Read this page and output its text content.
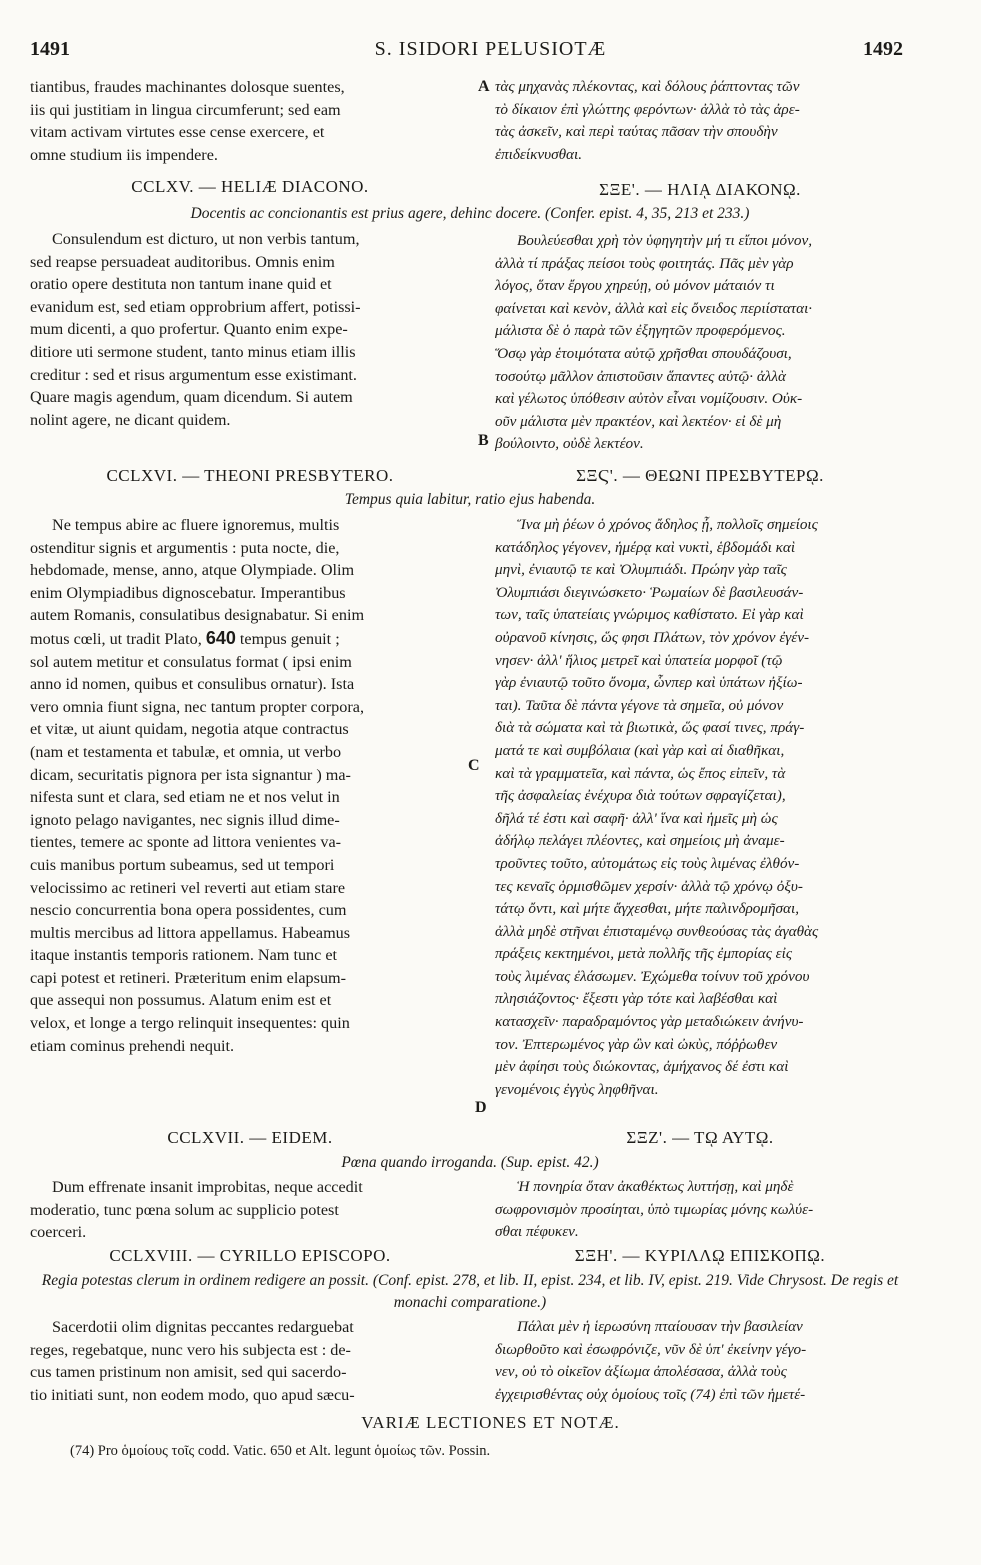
1491	S. ISIDORI PELUSIOTÆ	1492

tiantibus, fraudes machinantes dolosque suentes,

iis qui justitiam in lingua circumferunt; sed eam

vitam activam virtutes esse cense exercere, et

omne studium iis impendere.

A τὰς μηχανὰς πλέκοντας, καὶ δόλους ῥάπτοντας τῶν

τὸ δίκαιον ἐπὶ γλώττης φερόντων· ἀλλὰ τὸ τὰς ἀρε-

τὰς ἀσκεῖν, καὶ περὶ ταύτας πᾶσαν τὴν σπουδὴν

ἐπιδείκνυσθαι.

CCLXV. — HELIÆ DIACONO.	ΣΞΕ'. — ΗΛΙᾼ ΔΙΑΚΟΝῼ.
Docentis ac concionantis est prius agere, dehinc docere. (Confer. epist. 4, 35, 213 et 233.)

Consulendum est dicturo, ut non verbis tantum,

sed reapse persuadeat auditoribus. Omnis enim

oratio opere destituta non tantum inane quid et

evanidum est, sed etiam opprobrium affert, potissi-

mum dicenti, a quo profertur. Quanto enim expe-

ditiore uti sermone student, tanto minus etiam illis

creditur : sed et risus argumentum esse existimant.

Quare magis agendum, quam dicendum. Si autem

nolint agere, ne dicant quidem.

B

Βουλεύεσθαι χρὴ τὸν ὑφηγητὴν μή τι εἴποι μόνον,

ἀλλὰ τί πράξας πείσοι τοὺς φοιτητάς. Πᾶς μὲν γὰρ

λόγος, ὅταν ἔργου χηρεύῃ, οὐ μόνον μάταιόν τι

φαίνεται καὶ κενὸν, ἀλλὰ καὶ εἰς ὄνειδος περιίσταται·

μάλιστα δὲ ὁ παρὰ τῶν ἐξηγητῶν προφερόμενος.

Ὅσῳ γὰρ ἑτοιμότατα αὐτῷ χρῆσθαι σπουδάζουσι,

τοσούτῳ μᾶλλον ἀπιστοῦσιν ἅπαντες αὐτῷ· ἀλλὰ

καὶ γέλωτος ὑπόθεσιν αὐτὸν εἶναι νομίζουσιν. Οὐκ-

οῦν μάλιστα μὲν πρακτέον, καὶ λεκτέον· εἰ δὲ μὴ

βούλοιντο, οὐδὲ λεκτέον.

CCLXVI. — THEONI PRESBYTERO.	ΣΞϚ'. — ΘΕΩΝΙ ΠΡΕΣΒΥΤΕΡῼ.
Tempus quia labitur, ratio ejus habenda.

Ne tempus abire ac fluere ignoremus, multis

ostenditur signis et argumentis : puta nocte, die,

hebdomade, mense, anno, atque Olympiade. Olim

enim Olympiadibus dignoscebatur. Imperantibus

autem Romanis, consulatibus designabatur. Si enim

motus cœli, ut tradit Plato, 640 tempus genuit ;

sol autem metitur et consulatus format ( ipsi enim

anno id nomen, quibus et consulibus ornatur). Ista

vero omnia fiunt signa, nec tantum propter corpora,

et vitæ, ut aiunt quidam, negotia atque contractus

(nam et testamenta et tabulæ, et omnia, ut verbo

dicam, securitatis pignora per ista signantur ) ma-

nifesta sunt et clara, sed etiam ne et nos velut in

ignoto pelago navigantes, nec signis illud dime-

tientes, temere ac sponte ad littora venientes va-

cuis manibus portum subeamus, sed ut tempori

velocissimo ac retineri vel reverti aut etiam stare

nescio concurrentia bona opera possidentes, cum

multis mercibus ad littora appellamus. Habeamus

itaque instantis temporis rationem. Nam tunc et

capi potest et retineri. Præteritum enim elapsum-

que assequi non possumus. Alatum enim est et

velox, et longe a tergo relinquit insequentes: quin

etiam cominus prehendi nequit.

C
D

Ἵνα μὴ ῥέων ὁ χρόνος ἄδηλος ᾖ, πολλοῖς σημείοις

κατάδηλος γέγονεν, ἡμέρᾳ καὶ νυκτὶ, ἑβδομάδι καὶ

μηνὶ, ἐνιαυτῷ τε καὶ Ὀλυμπιάδι. Πρώην γὰρ ταῖς

Ὀλυμπιάσι διεγινώσκετο· Ῥωμαίων δὲ βασιλευσάν-

των, ταῖς ὑπατείαις γνώριμος καθίστατο. Εἰ γὰρ καὶ

οὐρανοῦ κίνησις, ὥς φησι Πλάτων, τὸν χρόνον ἐγέν-

νησεν· ἀλλ' ἥλιος μετρεῖ καὶ ὑπατεία μορφοῖ (τῷ

γὰρ ἐνιαυτῷ τοῦτο ὄνομα, ὧνπερ καὶ ὑπάτων ἠξίω-

ται). Ταῦτα δὲ πάντα γέγονε τὰ σημεῖα, οὐ μόνον

διὰ τὰ σώματα καὶ τὰ βιωτικὰ, ὥς φασί τινες, πράγ-

ματά τε καὶ συμβόλαια (καὶ γὰρ καὶ αἱ διαθῆκαι,

καὶ τὰ γραμματεῖα, καὶ πάντα, ὡς ἔπος εἰπεῖν, τὰ

τῆς ἀσφαλείας ἐνέχυρα διὰ τούτων σφραγίζεται),

δῆλά τέ ἐστι καὶ σαφῆ· ἀλλ' ἵνα καὶ ἡμεῖς μὴ ὡς

ἀδήλῳ πελάγει πλέοντες, καὶ σημείοις μὴ ἀναμε-

τροῦντες τοῦτο, αὐτομάτως εἰς τοὺς λιμένας ἐλθόν-

τες κεναῖς ὁρμισθῶμεν χερσίν· ἀλλὰ τῷ χρόνῳ ὀξυ-

τάτῳ ὄντι, καὶ μήτε ἄγχεσθαι, μήτε παλινδρομῆσαι,

ἀλλὰ μηδὲ στῆναι ἐπισταμένῳ συνθεούσας τὰς ἀγαθὰς

πράξεις κεκτημένοι, μετὰ πολλῆς τῆς ἐμπορίας εἰς

τοὺς λιμένας ἐλάσωμεν. Ἐχώμεθα τοίνυν τοῦ χρόνου

πλησιάζοντος· ἔξεστι γὰρ τότε καὶ λαβέσθαι καὶ

κατασχεῖν· παραδραμόντος γὰρ μεταδιώκειν ἀνήνυ-

τον. Ἐπτερωμένος γὰρ ὢν καὶ ὠκὺς, πόῤῥωθεν

μὲν ἀφίησι τοὺς διώκοντας, ἀμήχανος δέ ἐστι καὶ

γενομένοις ἐγγὺς ληφθῆναι.

CCLXVII. — EIDEM.	ΣΞΖ'. — Τῼ ΑΥΤῼ.
Pœna quando irroganda. (Sup. epist. 42.)

Dum effrenate insanit improbitas, neque accedit

moderatio, tunc pœna solum ac supplicio potest

coerceri.

Ἡ πονηρία ὅταν ἀκαθέκτως λυττήσῃ, καὶ μηδὲ

σωφρονισμὸν προσίηται, ὑπὸ τιμωρίας μόνης κωλύε-

σθαι πέφυκεν.

CCLXVIII. — CYRILLO EPISCOPO.	ΣΞΗ'. — ΚΥΡΙΛΛῼ ΕΠΙΣΚΟΠῼ.
Regia potestas clerum in ordinem redigere an possit. (Conf. epist. 278, et lib. II, epist. 234, et lib. IV, epist. 219. Vide Chrysost. De regis et monachi comparatione.)

Sacerdotii olim dignitas peccantes redarguebat

reges, regebatque, nunc vero his subjecta est : de-

cus tamen pristinum non amisit, sed qui sacerdo-

tio initiati sunt, non eodem modo, quo apud sæcu-

Πάλαι μὲν ἡ ἱερωσύνη πταίουσαν τὴν βασιλείαν

διωρθοῦτο καὶ ἐσωφρόνιζε, νῦν δὲ ὑπ' ἐκείνην γέγο-

νεν, οὐ τὸ οἰκεῖον ἀξίωμα ἀπολέσασα, ἀλλὰ τοὺς

ἐγχειρισθέντας οὐχ ὁμοίους τοῖς (74) ἐπὶ τῶν ἡμετέ-

VARIÆ LECTIONES ET NOTÆ.
(74) Pro ὁμοίους τοῖς codd. Vatic. 650 et Alt. legunt ὁμοίως τῶν. Possin.
